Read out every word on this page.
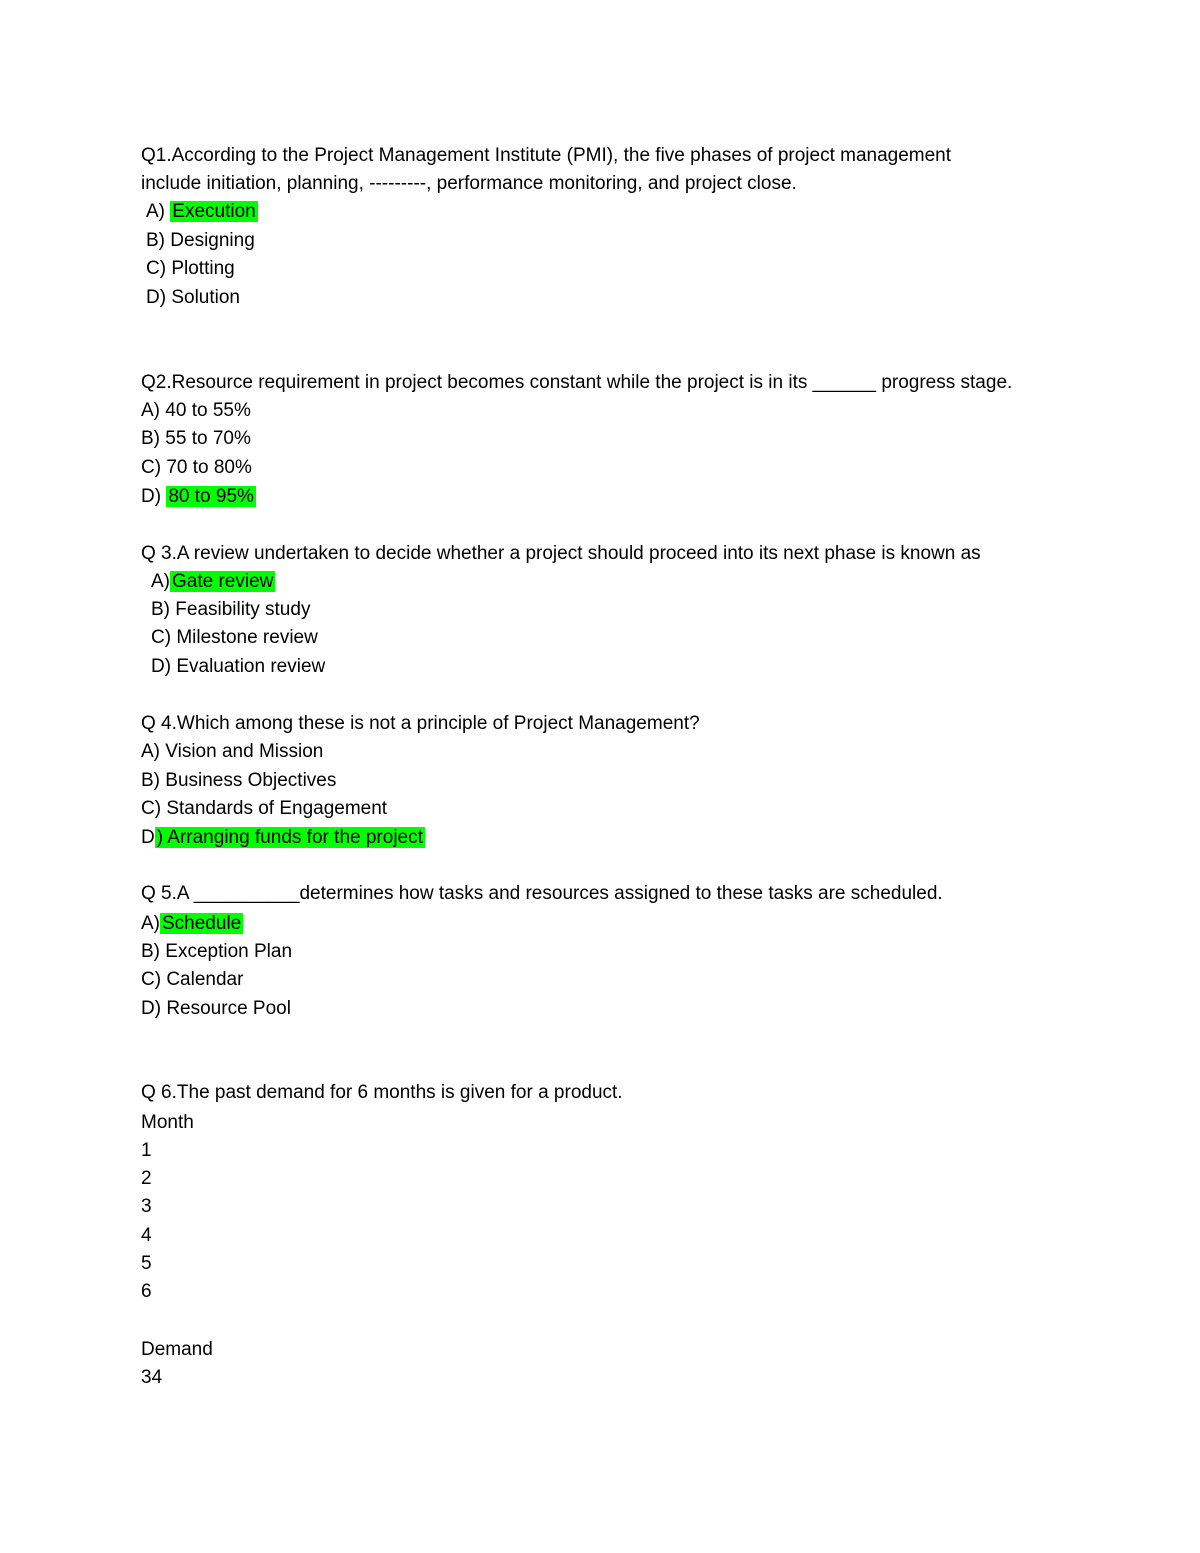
Q1.According to the Project Management Institute (PMI), the five phases of project management
include initiation, planning, ---------, performance monitoring, and project close.
A) Execution
B) Designing
C) Plotting
D) Solution
Q2.Resource requirement in project becomes constant while the project is in its ______ progress stage.
A) 40 to 55%
B) 55 to 70%
C) 70 to 80%
D) 80 to 95%
Q 3.A review undertaken to decide whether a project should proceed into its next phase is known as
A) Gate review
B) Feasibility study
C) Milestone review
D) Evaluation review
Q 4.Which among these is not a principle of Project Management?
A) Vision and Mission
B) Business Objectives
C) Standards of Engagement
D ) Arranging funds for the project
Q 5.A __________determines how tasks and resources assigned to these tasks are scheduled.
A) Schedule
B) Exception Plan
C) Calendar
D) Resource Pool
Q 6.The past demand for 6 months is given for a product.
Month
1
2
3
4
5
6
Demand
34
